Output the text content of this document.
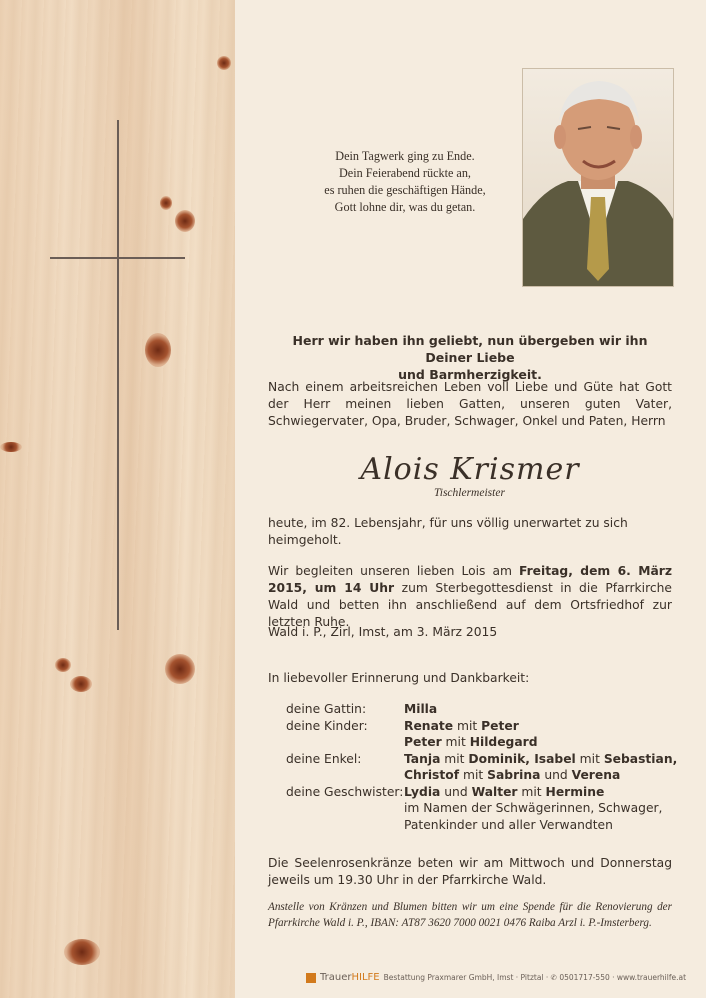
Dein Tagwerk ging zu Ende.
Dein Feierabend rückte an,
es ruhen die geschäftigen Hände,
Gott lohne dir, was du getan.
Herr wir haben ihn geliebt, nun übergeben wir ihn Deiner Liebe
und Barmherzigkeit.
Nach einem arbeitsreichen Leben voll Liebe und Güte hat Gott der Herr meinen lieben Gatten, unseren guten Vater, Schwiegervater, Opa, Bruder, Schwager, Onkel und Paten, Herrn
Alois Krismer
Tischlermeister
heute, im 82. Lebensjahr, für uns völlig unerwartet zu sich heimgeholt.
Wir begleiten unseren lieben Lois am Freitag, dem 6. März 2015, um 14 Uhr zum Sterbegottesdienst in die Pfarrkirche Wald und betten ihn anschließend auf dem Ortsfriedhof zur letzten Ruhe.
Wald i. P., Zirl, Imst, am 3. März 2015
In liebevoller Erinnerung und Dankbarkeit:
deine Gattin:	Milla
deine Kinder:	Renate mit Peter
Peter mit Hildegard
deine Enkel:	Tanja mit Dominik, Isabel mit Sebastian,
Christof mit Sabrina und Verena
deine Geschwister: Lydia und Walter mit Hermine
im Namen der Schwägerinnen, Schwager,
Patenkinder und aller Verwandten
Die Seelenrosenkränze beten wir am Mittwoch und Donnerstag jeweils um 19.30 Uhr in der Pfarrkirche Wald.
Anstelle von Kränzen und Blumen bitten wir um eine Spende für die Renovierung der Pfarrkirche Wald i. P., IBAN: AT87 3620 7000 0021 0476 Raiba Arzl i. P.-Imsterberg.
TrauerHILFE Bestattung Praxmarer GmbH, Imst · Pitztal · ✆ 0501717-550 · www.trauerhilfe.at
